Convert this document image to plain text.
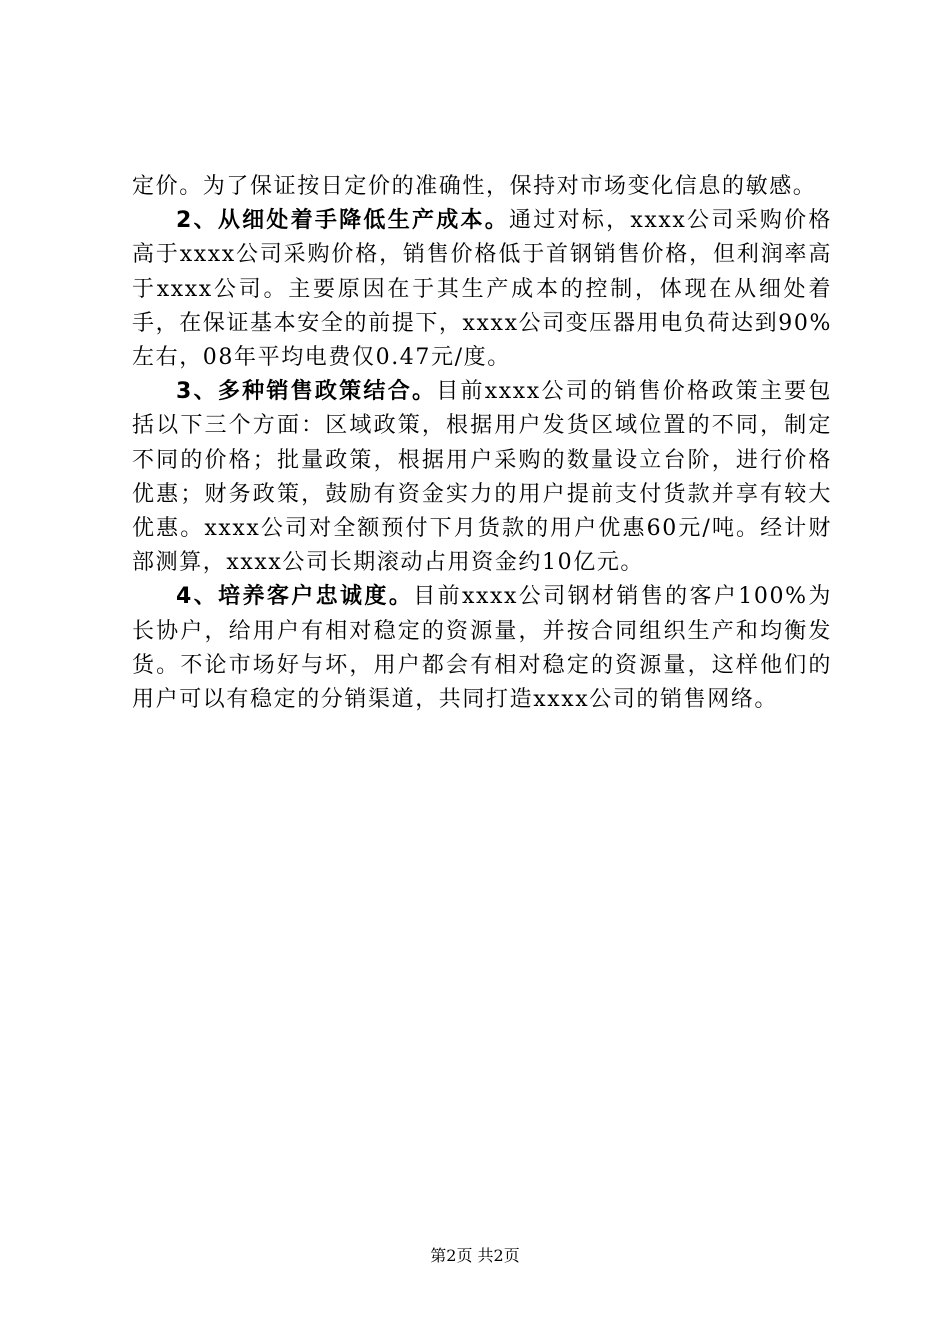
定价。为了保证按日定价的准确性，保持对市场变化信息的敏感。

2、从细处着手降低生产成本。通过对标，xxxx公司采购价格高于xxxx公司采购价格，销售价格低于首钢销售价格，但利润率高于xxxx公司。主要原因在于其生产成本的控制，体现在从细处着手，在保证基本安全的前提下，xxxx公司变压器用电负荷达到90%左右，08年平均电费仅0.47元/度。

3、多种销售政策结合。目前xxxx公司的销售价格政策主要包括以下三个方面：区域政策，根据用户发货区域位置的不同，制定不同的价格；批量政策，根据用户采购的数量设立台阶，进行价格优惠；财务政策，鼓励有资金实力的用户提前支付货款并享有较大优惠。xxxx公司对全额预付下月货款的用户优惠60元/吨。经计财部测算，xxxx公司长期滚动占用资金约10亿元。

4、培养客户忠诚度。目前xxxx公司钢材销售的客户100%为长协户，给用户有相对稳定的资源量，并按合同组织生产和均衡发货。不论市场好与坏，用户都会有相对稳定的资源量，这样他们的用户可以有稳定的分销渠道，共同打造xxxx公司的销售网络。

第2页 共2页
